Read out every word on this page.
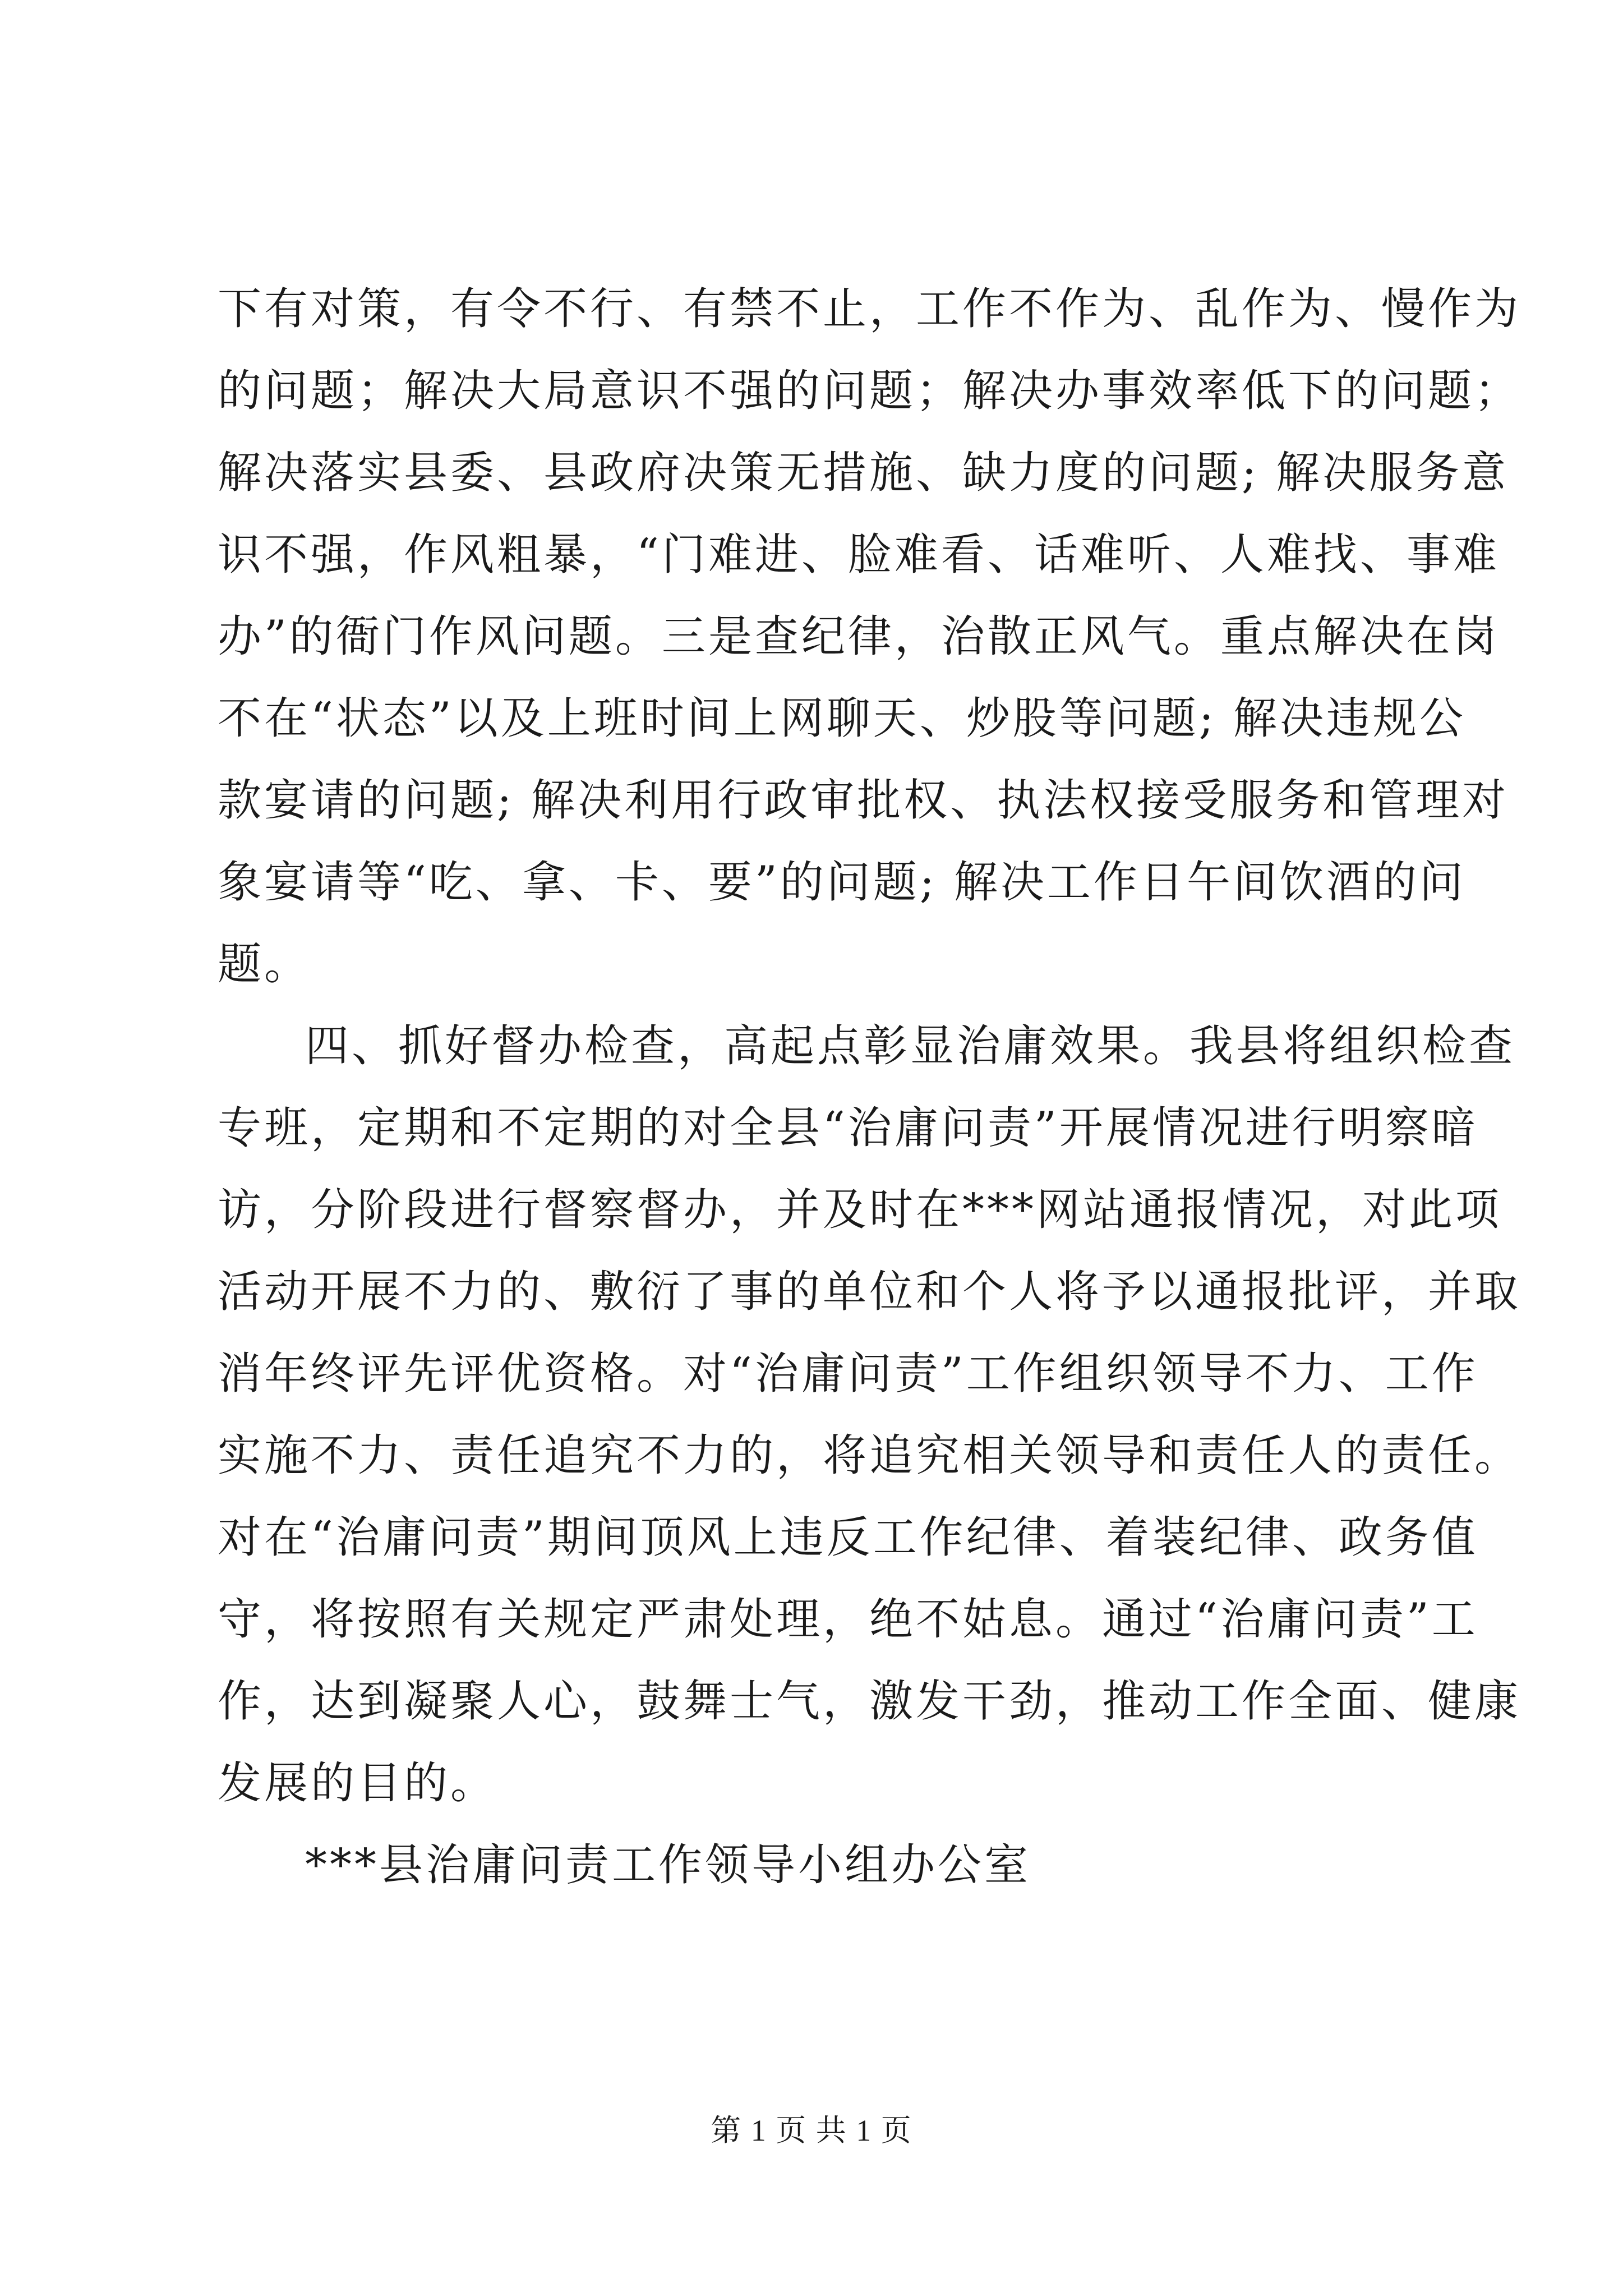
下有对策，有令不行、有禁不止，工作不作为、乱作为、慢作为
的问题；解决大局意识不强的问题；解决办事效率低下的问题；
解决落实县委、县政府决策无措施、缺力度的问题; 解决服务意
识不强，作风粗暴，“门难进、脸难看、话难听、人难找、事难
办”的衙门作风问题。三是查纪律，治散正风气。重点解决在岗
不在“状态”以及上班时间上网聊天、炒股等问题; 解决违规公
款宴请的问题; 解决利用行政审批权、执法权接受服务和管理对
象宴请等“吃、拿、卡、要”的问题; 解决工作日午间饮酒的问
题。

四、抓好督办检查，高起点彰显治庸效果。我县将组织检查
专班，定期和不定期的对全县“治庸问责”开展情况进行明察暗
访，分阶段进行督察督办，并及时在***网站通报情况，对此项
活动开展不力的、敷衍了事的单位和个人将予以通报批评，并取
消年终评先评优资格。对“治庸问责”工作组织领导不力、工作
实施不力、责任追究不力的，将追究相关领导和责任人的责任。
对在“治庸问责”期间顶风上违反工作纪律、着装纪律、政务值
守，将按照有关规定严肃处理，绝不姑息。通过“治庸问责”工
作，达到凝聚人心，鼓舞士气，激发干劲，推动工作全面、健康
发展的目的。

***县治庸问责工作领导小组办公室

第 1 页 共 1 页
